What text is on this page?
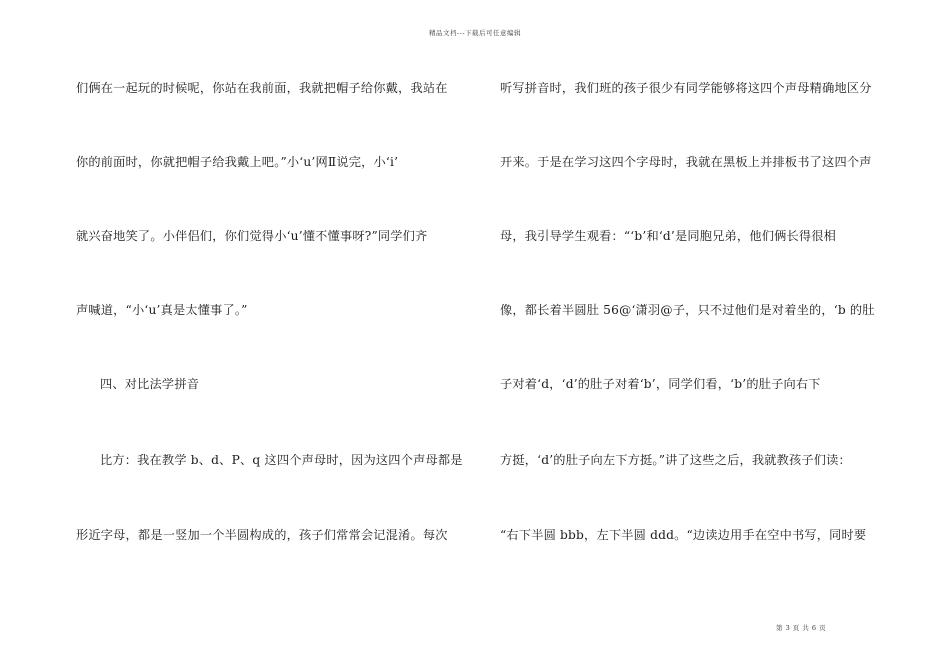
精品文档---下载后可任意编辑
们俩在一起玩的时候呢，你站在我前面，我就把帽子给你戴，我站在
你的前面时，你就把帽子给我戴上吧。”小‘u’网Ⅱ说完，小‘i’
就兴奋地笑了。小伴侣们，你们觉得小‘u’懂不懂事呀?”同学们齐
声喊道，“小‘u’真是太懂事了。”
四、对比法学拼音
比方：我在教学 b、d、P、q 这四个声母时，因为这四个声母都是
形近字母，都是一竖加一个半圆构成的，孩子们常常会记混淆。每次
听写拼音时，我们班的孩子很少有同学能够将这四个声母精确地区分
开来。于是在学习这四个字母时，我就在黑板上并排板书了这四个声
母，我引导学生观看：“‘b’和‘d’是同胞兄弟，他们俩长得很相
像，都长着半圆肚 56@‘潇羽@子，只不过他们是对着坐的，‘b 的肚
子对着‘d，‘d’的肚子对着‘b’，同学们看，‘b’的肚子向右下
方挺，‘d’的肚子向左下方挺。”讲了这些之后，我就教孩子们读：
“右下半圆 bbb，左下半圆 ddd。“边读边用手在空中书写，同时要
第 3 页 共 6 页
